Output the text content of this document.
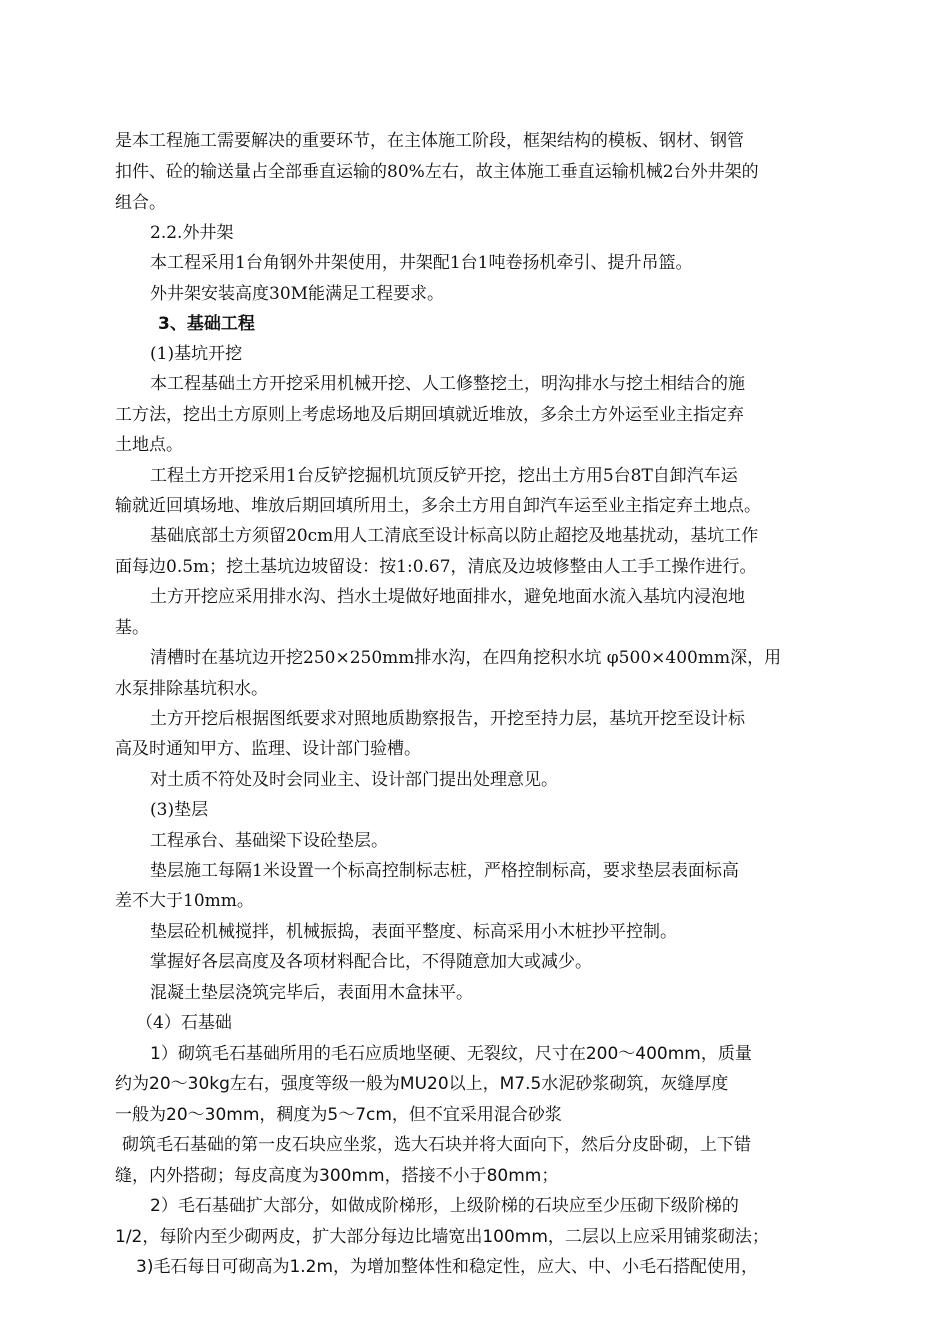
是本工程施工需要解决的重要环节，在主体施工阶段，框架结构的模板、钢材、钢管
扣件、砼的输送量占全部垂直运输的80%左右，故主体施工垂直运输机械2台外井架的
组合。
2.2.外井架
本工程采用1台角钢外井架使用，井架配1台1吨卷扬机牵引、提升吊篮。
外井架安装高度30M能满足工程要求。
3、基础工程
(1)基坑开挖
本工程基础土方开挖采用机械开挖、人工修整挖土，明沟排水与挖土相结合的施
工方法，挖出土方原则上考虑场地及后期回填就近堆放，多余土方外运至业主指定弃
土地点。
工程土方开挖采用1台反铲挖掘机坑顶反铲开挖，挖出土方用5台8T自卸汽车运
输就近回填场地、堆放后期回填所用土，多余土方用自卸汽车运至业主指定弃土地点。
基础底部土方须留20cm用人工清底至设计标高以防止超挖及地基扰动，基坑工作
面每边0.5m；挖土基坑边坡留设：按1:0.67，清底及边坡修整由人工手工操作进行。
土方开挖应采用排水沟、挡水土堤做好地面排水，避免地面水流入基坑内浸泡地
基。
清槽时在基坑边开挖250×250mm排水沟，在四角挖积水坑 φ500×400mm深，用
水泵排除基坑积水。
土方开挖后根据图纸要求对照地质勘察报告，开挖至持力层，基坑开挖至设计标
高及时通知甲方、监理、设计部门验槽。
对土质不符处及时会同业主、设计部门提出处理意见。
(3)垫层
工程承台、基础梁下设砼垫层。
垫层施工每隔1米设置一个标高控制标志桩，严格控制标高，要求垫层表面标高
差不大于10mm。
垫层砼机械搅拌，机械振捣，表面平整度、标高采用小木桩抄平控制。
掌握好各层高度及各项材料配合比，不得随意加大或减少。
混凝土垫层浇筑完毕后，表面用木盒抹平。
（4）石基础
1）砌筑毛石基础所用的毛石应质地坚硬、无裂纹，尺寸在200～400mm，质量
约为20～30kg左右，强度等级一般为MU20以上，M7.5水泥砂浆砌筑，灰缝厚度
一般为20～30mm，稠度为5～7cm，但不宜采用混合砂浆
砌筑毛石基础的第一皮石块应坐浆，选大石块并将大面向下，然后分皮卧砌，上下错
缝，内外搭砌；每皮高度为300mm，搭接不小于80mm；
2）毛石基础扩大部分，如做成阶梯形，上级阶梯的石块应至少压砌下级阶梯的
1/2，每阶内至少砌两皮，扩大部分每边比墙宽出100mm，二层以上应采用铺浆砌法；
3)毛石每日可砌高为1.2m，为增加整体性和稳定性，应大、中、小毛石搭配使用，
